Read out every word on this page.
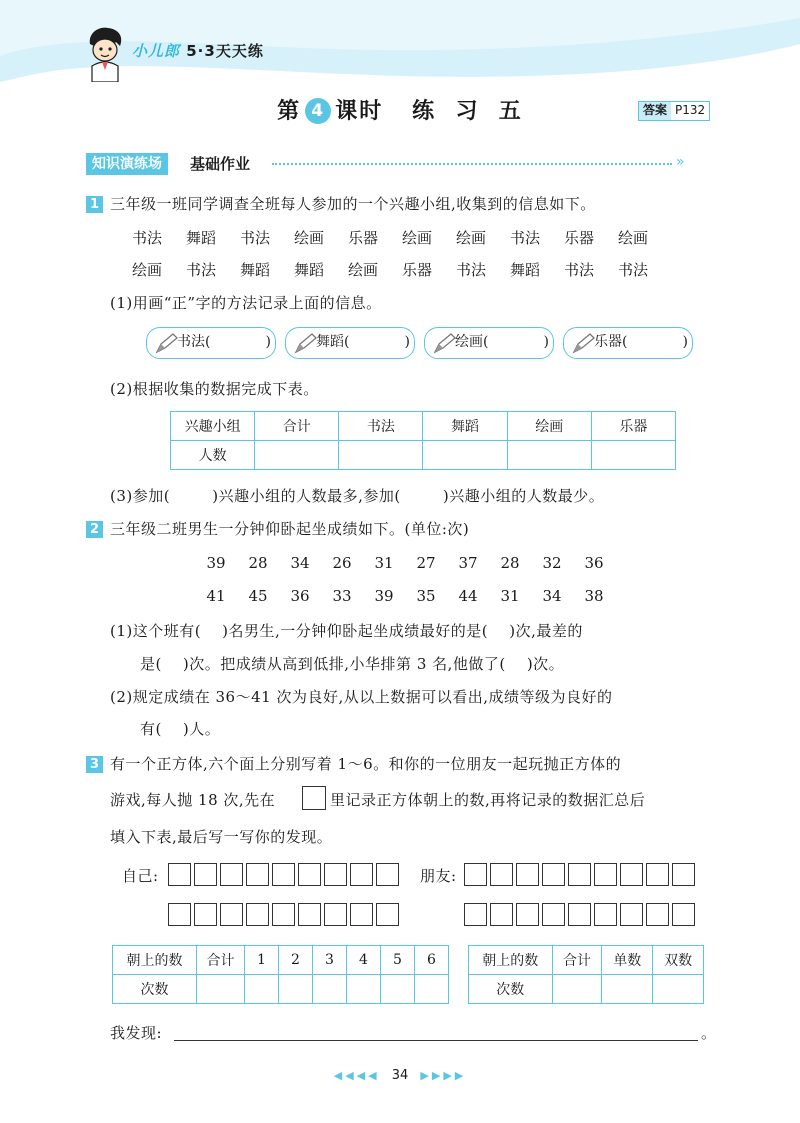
小儿郎 5·3天天练
第 4 课时   练  习  五	答案 P132
知识演练场	基础作业	»
1 三年级一班同学调查全班每人参加的一个兴趣小组,收集到的信息如下。
书法	舞蹈	书法	绘画	乐器	绘画	绘画	书法	乐器	绘画
绘画	书法	舞蹈	舞蹈	绘画	乐器	书法	舞蹈	书法	书法
(1)用画“正”字的方法记录上面的信息。
书法(	)	舞蹈(	)	绘画(	)	乐器(	)
(2)根据收集的数据完成下表。
兴趣小组	合计	书法	舞蹈	绘画	乐器
人数					
(3)参加(        )兴趣小组的人数最多,参加(        )兴趣小组的人数最少。
2 三年级二班男生一分钟仰卧起坐成绩如下。(单位:次)
39 28 34 26 31 27 37 28 32 36
41 45 36 33 39 35 44 31 34 38
(1)这个班有(    )名男生,一分钟仰卧起坐成绩最好的是(    )次,最差的
是(    )次。把成绩从高到低排,小华排第 3 名,他做了(    )次。
(2)规定成绩在 36～41 次为良好,从以上数据可以看出,成绩等级为良好的
有(    )人。
3 有一个正方体,六个面上分别写着 1～6。和你的一位朋友一起玩抛正方体的
游戏,每人抛 18 次,先在	里记录正方体朝上的数,再将记录的数据汇总后
填入下表,最后写一写你的发现。
自己:	朋友:
朝上的数	合计	1	2	3	4	5	6
次数							
朝上的数	合计	单数	双数
次数			
我发现:	。
◀◀◀◀ 34 ▶▶▶▶
